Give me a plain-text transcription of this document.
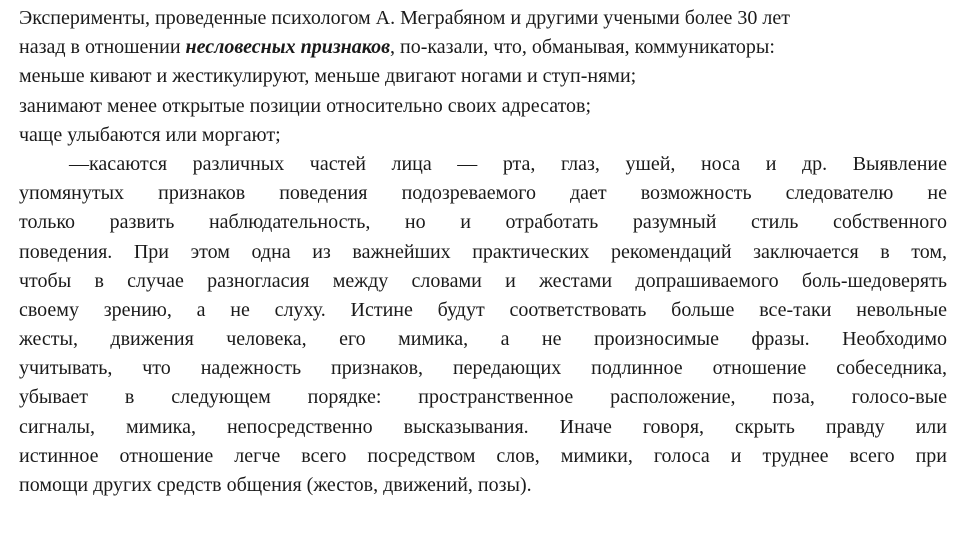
Эксперименты, проведенные психологом А. Меграбяном и другими учеными более 30 лет
назад в отношении несловесных признаков, по-казали, что, обманывая, коммуникаторы:
меньше кивают и жестикулируют, меньше двигают ногами и ступ-нями;
занимают менее открытые позиции относительно своих адресатов;
чаще улыбаются или моргают;
—касаются различных частей лица — рта, глаз, ушей, носа и др. Выявление
упомянутых признаков поведения подозреваемого дает возможность следователю не
только развить наблюдательность, но и отработать разумный стиль собственного
поведения. При этом одна из важнейших практических рекомендаций заключается в том,
чтобы в случае разногласия между словами и жестами допрашиваемого боль-шедоверять
своему зрению, а не слуху. Истине будут соответствовать больше все-таки невольные
жесты, движения человека, его мимика, а не произносимые фразы. Необходимо
учитывать, что надежность признаков, передающих подлинное отношение собеседника,
убывает в следующем порядке: пространственное расположение, поза, голосо-вые
сигналы, мимика, непосредственно высказывания. Иначе говоря, скрыть правду или
истинное отношение легче всего посредством слов, мимики, голоса и труднее всего при
помощи других средств общения (жестов, движений, позы).
